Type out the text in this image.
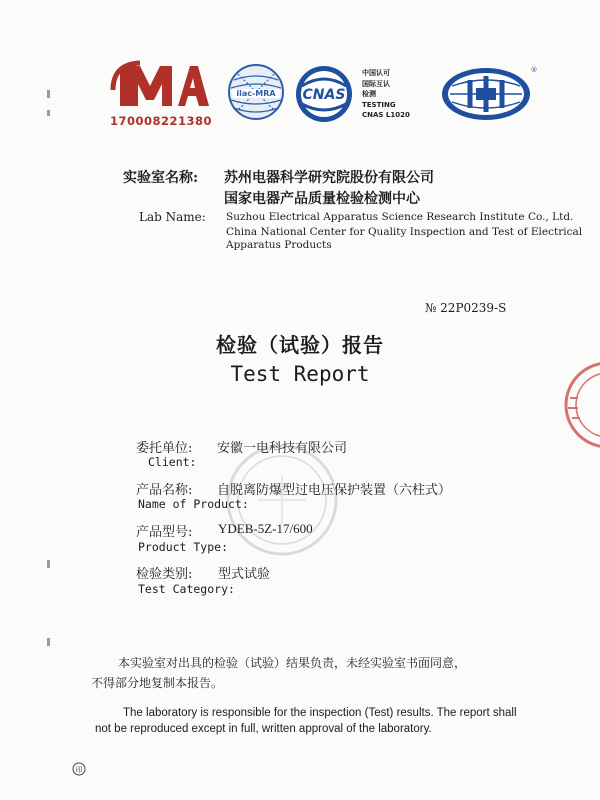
170008221380
ilac-MRA CNAS
中国认可
国际互认
检测
TESTING
CNAS L1020
®
实验室名称: 苏州电器科学研究院股份有限公司
国家电器产品质量检验检测中心
Lab Name: Suzhou Electrical Apparatus Science Research Institute Co., Ltd.
China National Center for Quality Inspection and Test of Electrical
Apparatus Products
№ 22P0239-S
检验（试验）报告
Test Report
委托单位: 安徽一电科技有限公司
Client:
产品名称: 自脱离防爆型过电压保护装置（六柱式）
Name of Product:
产品型号: YDEB-5Z-17/600
Product Type:
检验类别: 型式试验
Test Category:
本实验室对出具的检验（试验）结果负责，未经实验室书面同意，
不得部分地复制本报告。
The laboratory is responsible for the inspection (Test) results. The report shall
not be reproduced except in full, written approval of the laboratory.
印
